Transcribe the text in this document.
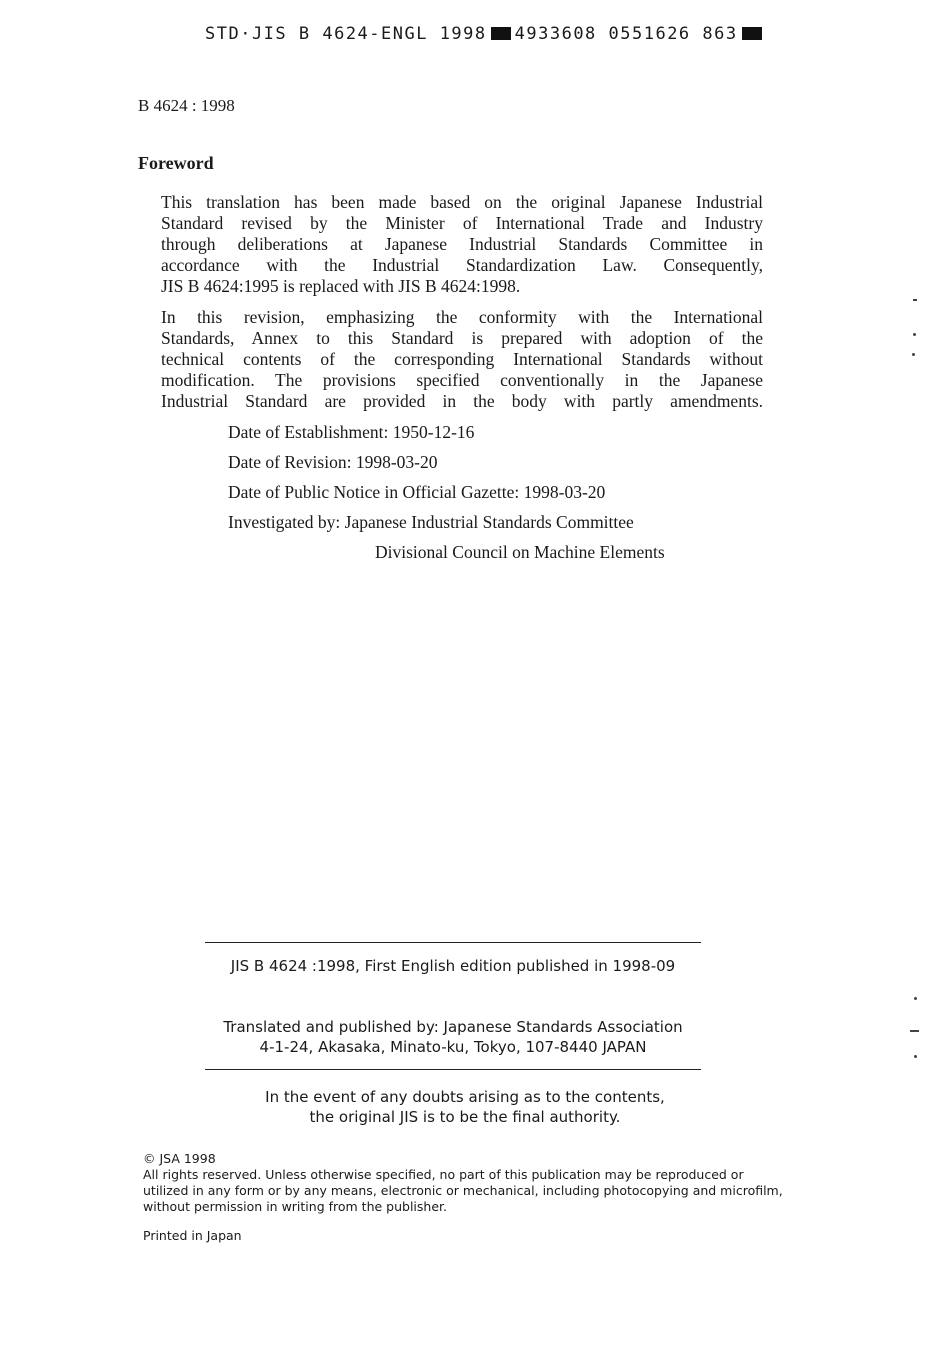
STD·JIS B 4624-ENGL 1998 4933608 0551626 863
B 4624 : 1998
Foreword
This translation has been made based on the original Japanese Industrial
Standard revised by the Minister of International Trade and Industry
through deliberations at Japanese Industrial Standards Committee in
accordance with the Industrial Standardization Law. Consequently,
JIS B 4624:1995 is replaced with JIS B 4624:1998.
In this revision, emphasizing the conformity with the International
Standards, Annex to this Standard is prepared with adoption of the
technical contents of the corresponding International Standards without
modification. The provisions specified conventionally in the Japanese
Industrial Standard are provided in the body with partly amendments.
Date of Establishment: 1950-12-16
Date of Revision: 1998-03-20
Date of Public Notice in Official Gazette: 1998-03-20
Investigated by: Japanese Industrial Standards Committee
Divisional Council on Machine Elements
JIS B 4624 :1998, First English edition published in 1998-09
Translated and published by: Japanese Standards Association
4-1-24, Akasaka, Minato-ku, Tokyo, 107-8440 JAPAN
In the event of any doubts arising as to the contents,
the original JIS is to be the final authority.
© JSA 1998
All rights reserved. Unless otherwise specified, no part of this publication may be reproduced or
utilized in any form or by any means, electronic or mechanical, including photocopying and microfilm,
without permission in writing from the publisher.
Printed in Japan
